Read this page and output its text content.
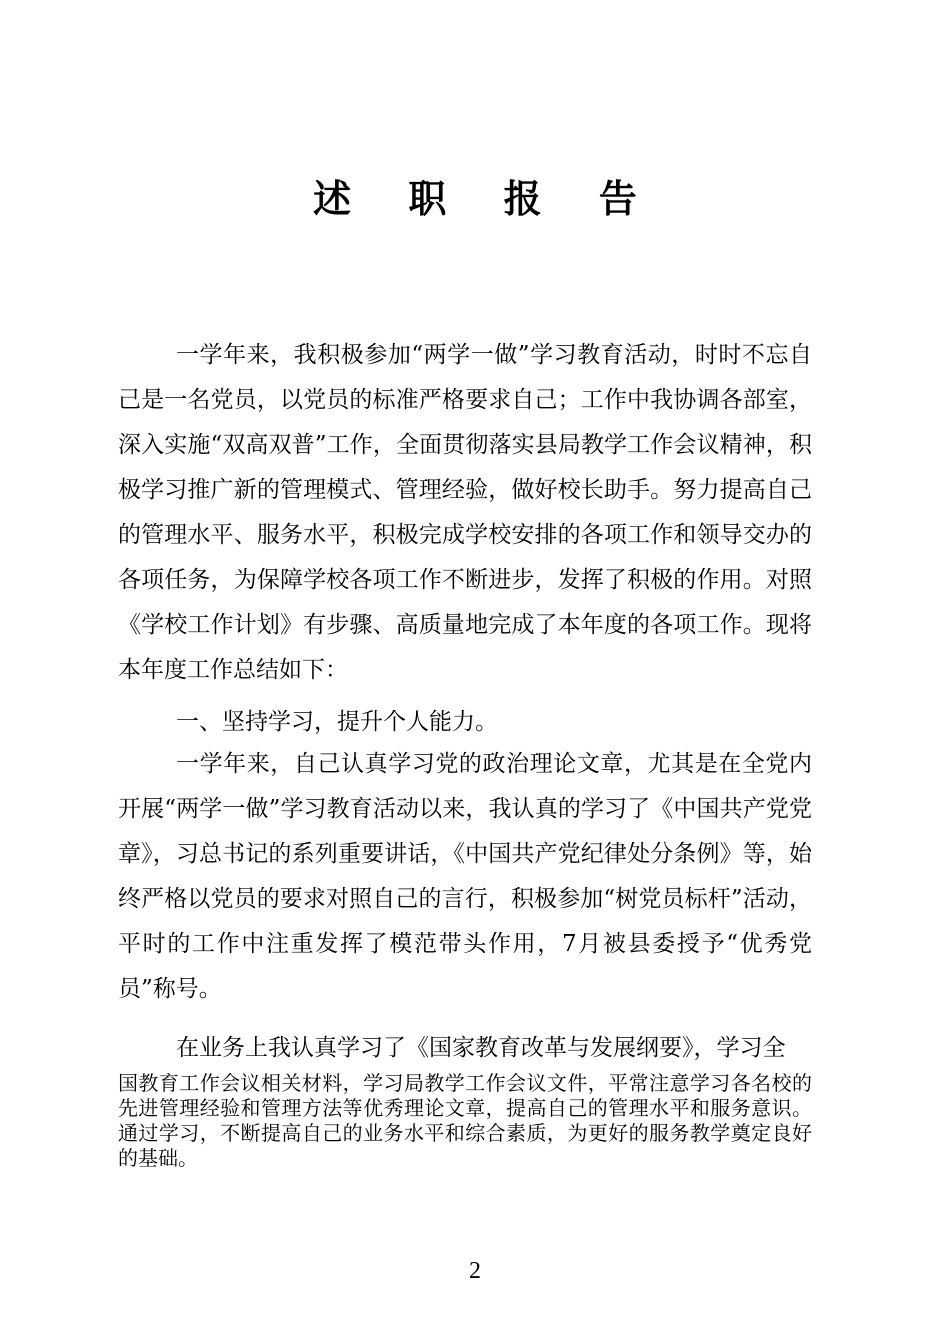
述 职 报 告

一学年来，我积极参加“两学一做”学习教育活动，时时不忘自己是一名党员，以党员的标准严格要求自己；工作中我协调各部室，深入实施“双高双普”工作，全面贯彻落实县局教学工作会议精神，积极学习推广新的管理模式、管理经验，做好校长助手。努力提高自己的管理水平、服务水平，积极完成学校安排的各项工作和领导交办的各项任务，为保障学校各项工作不断进步，发挥了积极的作用。对照《学校工作计划》有步骤、高质量地完成了本年度的各项工作。现将本年度工作总结如下：

一、坚持学习，提升个人能力。

一学年来，自己认真学习党的政治理论文章，尤其是在全党内开展“两学一做”学习教育活动以来，我认真的学习了《中国共产党党章》，习总书记的系列重要讲话，《中国共产党纪律处分条例》等，始终严格以党员的要求对照自己的言行，积极参加“树党员标杆”活动，平时的工作中注重发挥了模范带头作用，7月被县委授予“优秀党员”称号。

在业务上我认真学习了《国家教育改革与发展纲要》，学习全

国教育工作会议相关材料，学习局教学工作会议文件，平常注意学习各名校的先进管理经验和管理方法等优秀理论文章，提高自己的管理水平和服务意识。通过学习，不断提高自己的业务水平和综合素质，为更好的服务教学奠定良好的基础。

2
